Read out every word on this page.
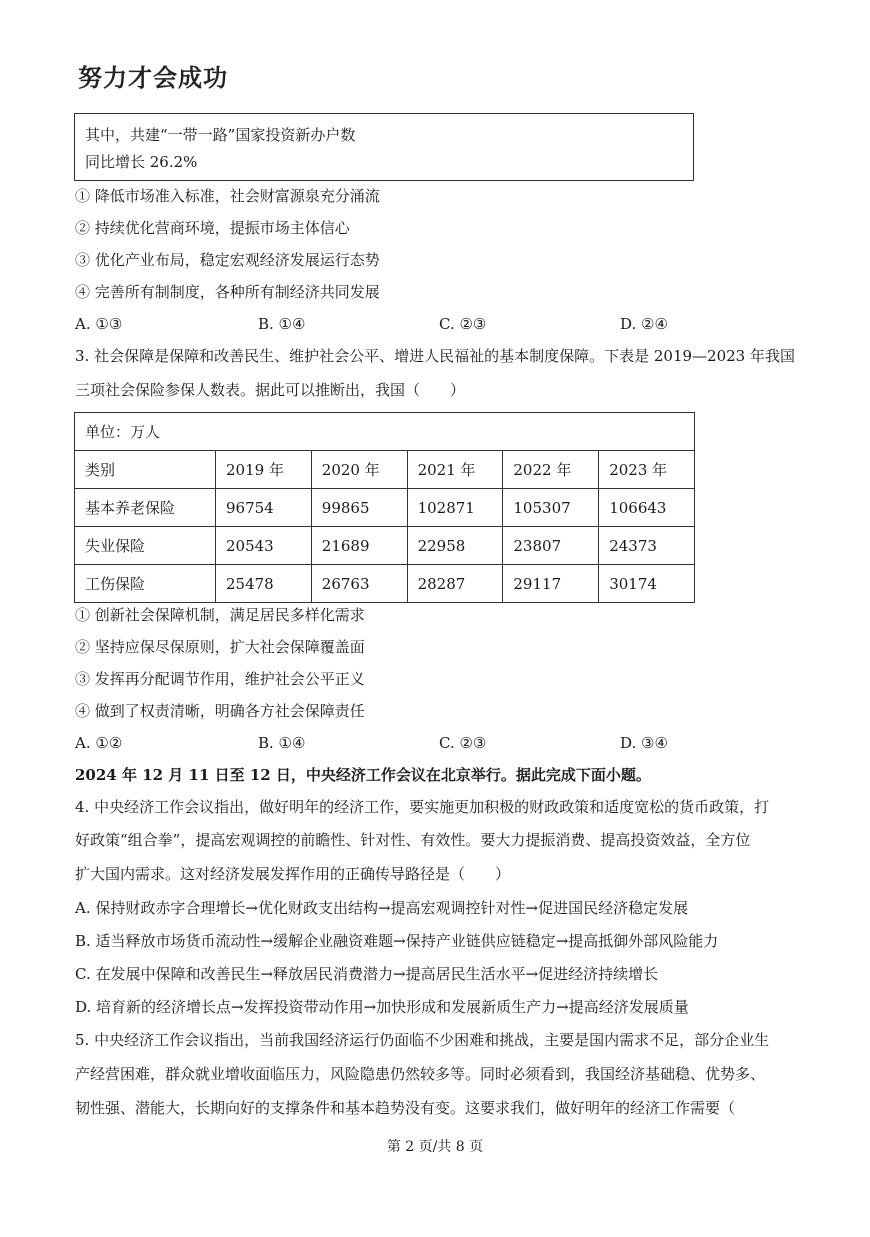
努力才会成功
其中，共建“一带一路”国家投资新办户数
同比增长 26.2%
① 降低市场准入标准，社会财富源泉充分涌流
② 持续优化营商环境，提振市场主体信心
③ 优化产业布局，稳定宏观经济发展运行态势
④ 完善所有制制度，各种所有制经济共同发展
A. ①③	B. ①④	C. ②③	D. ②④
3. 社会保障是保障和改善民生、维护社会公平、增进人民福祉的基本制度保障。下表是 2019—2023 年我国
三项社会保险参保人数表。据此可以推断出，我国（　　）
单位：万人					
类别	2019 年	2020 年	2021 年	2022 年	2023 年
基本养老保险	96754	99865	102871	105307	106643
失业保险	20543	21689	22958	23807	24373
工伤保险	25478	26763	28287	29117	30174
① 创新社会保障机制，满足居民多样化需求
② 坚持应保尽保原则，扩大社会保障覆盖面
③ 发挥再分配调节作用，维护社会公平正义
④ 做到了权责清晰，明确各方社会保障责任
A. ①②	B. ①④	C. ②③	D. ③④
2024 年 12 月 11 日至 12 日，中央经济工作会议在北京举行。据此完成下面小题。
4. 中央经济工作会议指出，做好明年的经济工作，要实施更加积极的财政政策和适度宽松的货币政策，打
好政策“组合拳”，提高宏观调控的前瞻性、针对性、有效性。要大力提振消费、提高投资效益，全方位
扩大国内需求。这对经济发展发挥作用的正确传导路径是（　　）
A. 保持财政赤字合理增长→优化财政支出结构→提高宏观调控针对性→促进国民经济稳定发展
B. 适当释放市场货币流动性→缓解企业融资难题→保持产业链供应链稳定→提高抵御外部风险能力
C. 在发展中保障和改善民生→释放居民消费潜力→提高居民生活水平→促进经济持续增长
D. 培育新的经济增长点→发挥投资带动作用→加快形成和发展新质生产力→提高经济发展质量
5. 中央经济工作会议指出，当前我国经济运行仍面临不少困难和挑战，主要是国内需求不足，部分企业生
产经营困难，群众就业增收面临压力，风险隐患仍然较多等。同时必须看到，我国经济基础稳、优势多、
韧性强、潜能大，长期向好的支撑条件和基本趋势没有变。这要求我们，做好明年的经济工作需要（
第 2 页/共 8 页
